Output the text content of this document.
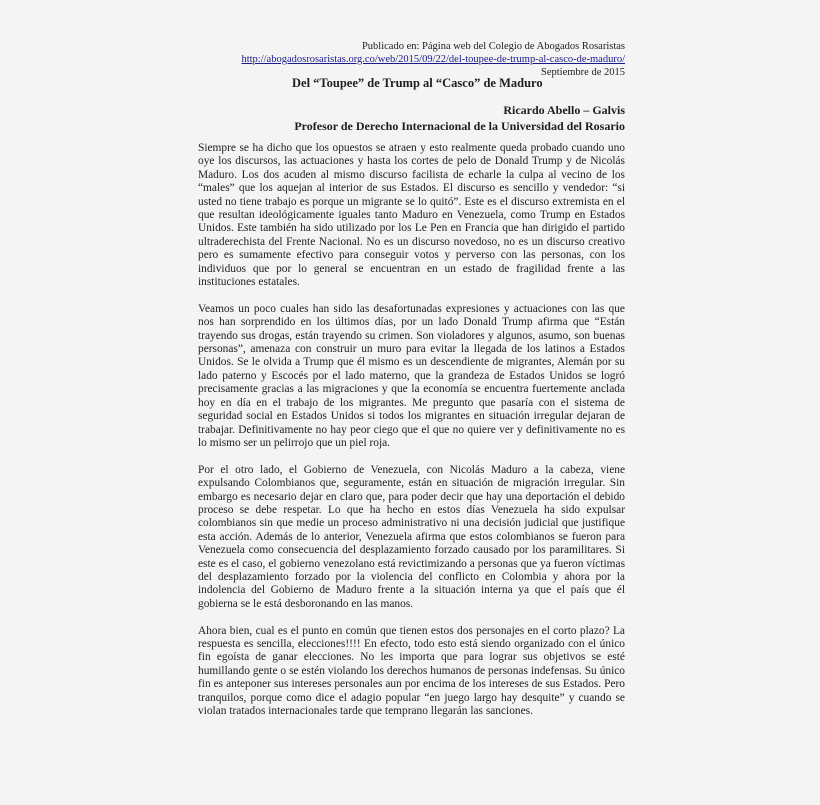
Publicado en: Página web del Colegio de Abogados Rosaristas
http://abogadosrosaristas.org.co/web/2015/09/22/del-toupee-de-trump-al-casco-de-maduro/
Septiembre de 2015
Del “Toupee” de Trump al “Casco” de Maduro
Ricardo Abello – Galvis
Profesor de Derecho Internacional de la Universidad del Rosario

Siempre se ha dicho que los opuestos se atraen y esto realmente queda probado cuando uno oye los discursos, las actuaciones y hasta los cortes de pelo de Donald Trump y de Nicolás Maduro. Los dos acuden al mismo discurso facilista de echarle la culpa al vecino de los “males” que los aquejan al interior de sus Estados. El discurso es sencillo y vendedor: “si usted no tiene trabajo es porque un migrante se lo quitó”. Este es el discurso extremista en el que resultan ideológicamente iguales tanto Maduro en Venezuela, como Trump en Estados Unidos. Este también ha sido utilizado por los Le Pen en Francia que han dirigido el partido ultraderechista del Frente Nacional. No es un discurso novedoso, no es un discurso creativo pero es sumamente efectivo para conseguir votos y perverso con las personas, con los individuos que por lo general se encuentran en un estado de fragilidad frente a las instituciones estatales.

Veamos un poco cuales han sido las desafortunadas expresiones y actuaciones con las que nos han sorprendido en los últimos días, por un lado Donald Trump afirma que “Están trayendo sus drogas, están trayendo su crimen. Son violadores y algunos, asumo, son buenas personas”, amenaza con construir un muro para evitar la llegada de los latinos a Estados Unidos. Se le olvida a Trump que él mismo es un descendiente de migrantes, Alemán por su lado paterno y Escocés por el lado materno, que la grandeza de Estados Unidos se logró precisamente gracias a las migraciones y que la economía se encuentra fuertemente anclada hoy en día en el trabajo de los migrantes. Me pregunto que pasaría con el sistema de seguridad social en Estados Unidos si todos los migrantes en situación irregular dejaran de trabajar. Definitivamente no hay peor ciego que el que no quiere ver y definitivamente no es lo mismo ser un pelirrojo que un piel roja.

Por el otro lado, el Gobierno de Venezuela, con Nicolás Maduro a la cabeza, viene expulsando Colombianos que, seguramente, están en situación de migración irregular. Sin embargo es necesario dejar en claro que, para poder decir que hay una deportación el debido proceso se debe respetar. Lo que ha hecho en estos días Venezuela ha sido expulsar colombianos sin que medie un proceso administrativo ni una decisión judicial que justifique esta acción. Además de lo anterior, Venezuela afirma que estos colombianos se fueron para Venezuela como consecuencia del desplazamiento forzado causado por los paramilitares. Si este es el caso, el gobierno venezolano está revictimizando a personas que ya fueron víctimas del desplazamiento forzado por la violencia del conflicto en Colombia y ahora por la indolencia del Gobierno de Maduro frente a la situación interna ya que el país que él gobierna se le está desboronando en las manos.

Ahora bien, cual es el punto en común que tienen estos dos personajes en el corto plazo? La respuesta es sencilla, elecciones!!!! En efecto, todo esto está siendo organizado con el único fin egoísta de ganar elecciones. No les importa que para lograr sus objetivos se esté humillando gente o se estén violando los derechos humanos de personas indefensas. Su único fin es anteponer sus intereses personales aun por encima de los intereses de sus Estados. Pero tranquilos, porque como dice el adagio popular “en juego largo hay desquite” y cuando se violan tratados internacionales tarde que temprano llegarán las sanciones.
